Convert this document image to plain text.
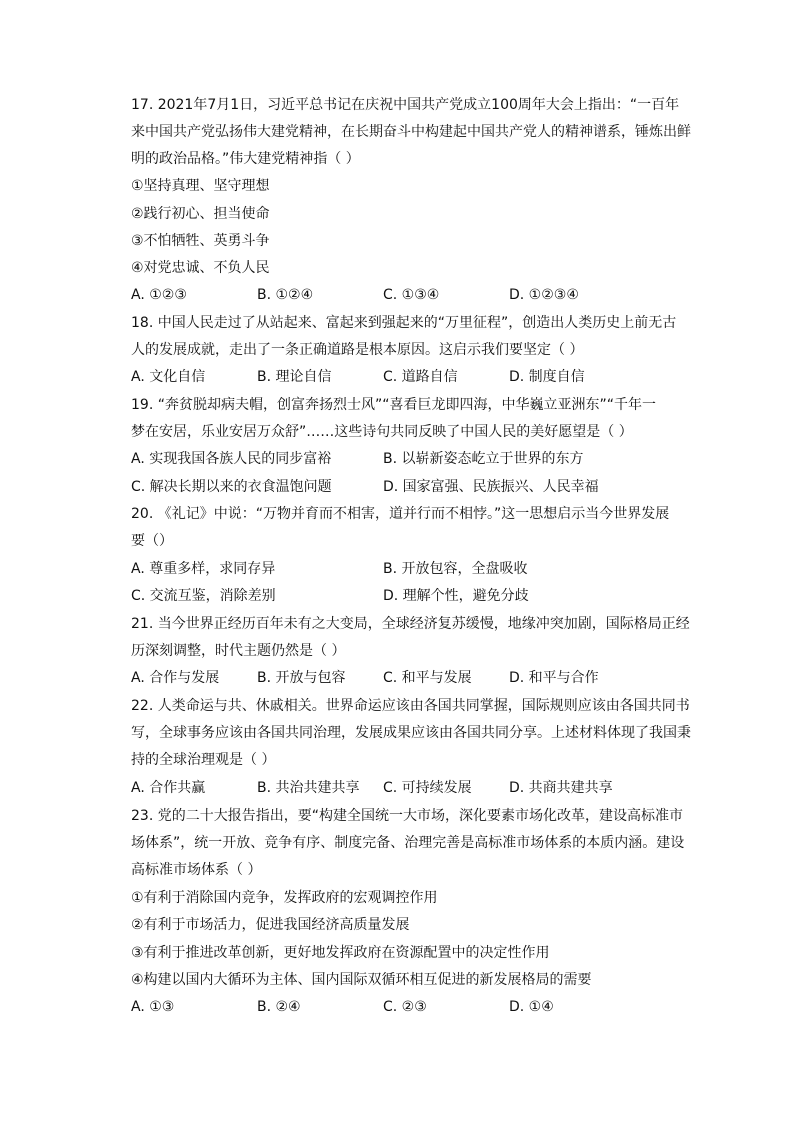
17. 2021年7月1日，习近平总书记在庆祝中国共产党成立100周年大会上指出：“一百年
来中国共产党弘扬伟大建党精神，在长期奋斗中构建起中国共产党人的精神谱系，锤炼出鲜
明的政治品格。”伟大建党精神指（ ）
①坚持真理、坚守理想
②践行初心、担当使命
③不怕牺牲、英勇斗争
④对党忠诚、不负人民
A. ①②③	B. ①②④	C. ①③④	D. ①②③④
18. 中国人民走过了从站起来、富起来到强起来的“万里征程”，创造出人类历史上前无古
人的发展成就，走出了一条正确道路是根本原因。这启示我们要坚定（ ）
A. 文化自信	B. 理论自信	C. 道路自信	D. 制度自信
19. “奔贫脱却病夫帽，创富奔扬烈士风”“喜看巨龙即四海，中华巍立亚洲东”“千年一
梦在安居，乐业安居万众舒”……这些诗句共同反映了中国人民的美好愿望是（ ）
A. 实现我国各族人民的同步富裕	B. 以崭新姿态屹立于世界的东方
C. 解决长期以来的衣食温饱问题	D. 国家富强、民族振兴、人民幸福
20. 《礼记》中说：“万物并育而不相害，道并行而不相悖。”这一思想启示当今世界发展
要（）
A. 尊重多样，求同存异	B. 开放包容，全盘吸收
C. 交流互鉴，消除差别	D. 理解个性，避免分歧
21. 当今世界正经历百年未有之大变局，全球经济复苏缓慢，地缘冲突加剧，国际格局正经
历深刻调整，时代主题仍然是（ ）
A. 合作与发展	B. 开放与包容	C. 和平与发展	D. 和平与合作
22. 人类命运与共、休戚相关。世界命运应该由各国共同掌握，国际规则应该由各国共同书
写，全球事务应该由各国共同治理，发展成果应该由各国共同分享。上述材料体现了我国秉
持的全球治理观是（ ）
A. 合作共赢	B. 共治共建共享 C. 可持续发展	D. 共商共建共享
23. 党的二十大报告指出，要“构建全国统一大市场，深化要素市场化改革，建设高标准市
场体系”，统一开放、竞争有序、制度完备、治理完善是高标准市场体系的本质内涵。建设
高标准市场体系（ ）
①有利于消除国内竞争，发挥政府的宏观调控作用
②有利于市场活力，促进我国经济高质量发展
③有利于推进改革创新，更好地发挥政府在资源配置中的决定性作用
④构建以国内大循环为主体、国内国际双循环相互促进的新发展格局的需要
A. ①③	B. ②④	C. ②③	D. ①④
